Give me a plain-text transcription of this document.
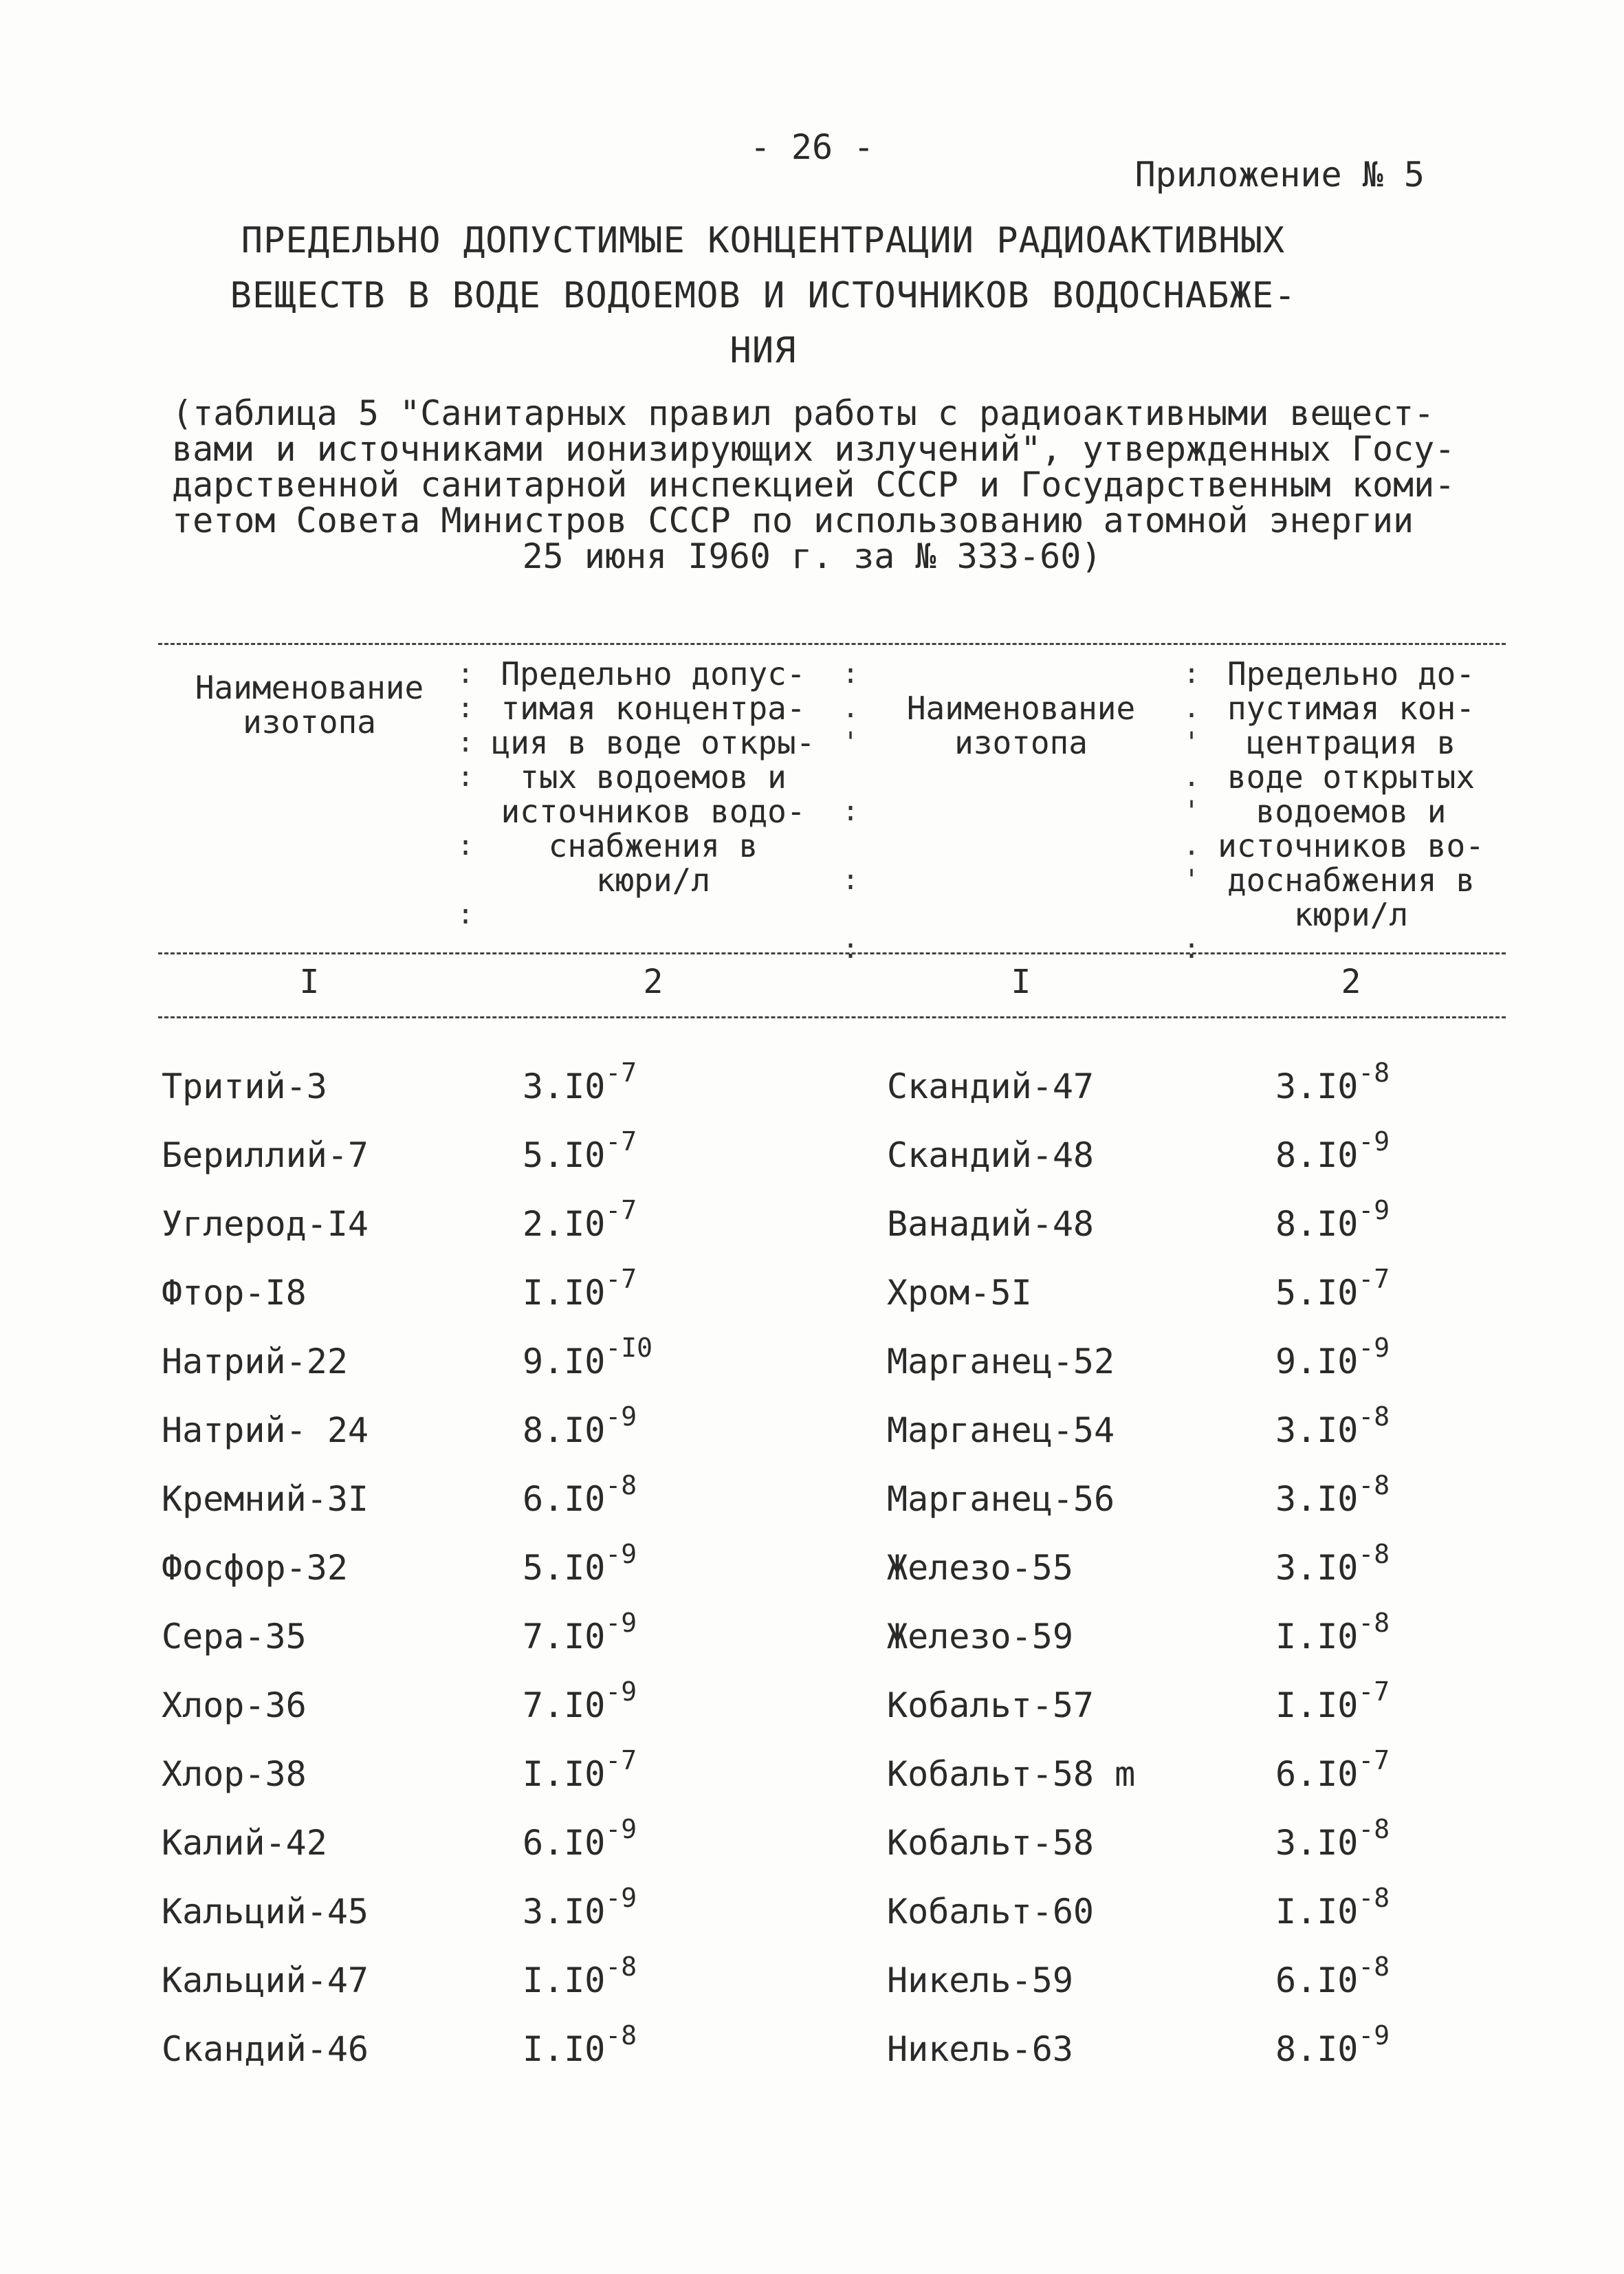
- 26 -
Приложение № 5
ПРЕДЕЛЬНО ДОПУСТИМЫЕ КОНЦЕНТРАЦИИ РАДИОАКТИВНЫХ
ВЕЩЕСТВ В ВОДЕ ВОДОЕМОВ И ИСТОЧНИКОВ ВОДОСНАБЖЕ-
НИЯ
(таблица 5 "Санитарных правил работы с радиоактивными вещест-
вами и источниками ионизирующих излучений", утвержденных Госу-
дарственной санитарной инспекцией СССР и Государственным коми-
тетом Совета Министров СССР по использованию атомной энергии
25 июня I960 г. за № 333-60)
Наименование
изотопа
:
:
:
:

:

:
:
.
'

:

:

:
:
.
'
.
'
.
'

:
Предельно допус-
тимая концентра-
ция в воде откры-
тых водоемов и
источников водо-
снабжения в
кюри/л
Наименование
изотопа
Предельно до-
пустимая кон-
центрация в
воде открытых
водоемов и
источников во-
доснабжения в
кюри/л
I	2	I	2
Тритий-3	$3.I0^{-7}$	Скандий-47	$3.I0^{-8}$
Бериллий-7	$5.I0^{-7}$	Скандий-48	$8.I0^{-9}$
Углерод-I4	$2.I0^{-7}$	Ванадий-48	$8.I0^{-9}$
Фтор-I8	$I.I0^{-7}$	Хром-5I	$5.I0^{-7}$
Натрий-22	$9.I0^{-I0}$	Марганец-52	$9.I0^{-9}$
Натрий- 24	$8.I0^{-9}$	Марганец-54	$3.I0^{-8}$
Кремний-3I	$6.I0^{-8}$	Марганец-56	$3.I0^{-8}$
Фосфор-32	$5.I0^{-9}$	Железо-55	$3.I0^{-8}$
Сера-35	$7.I0^{-9}$	Железо-59	$I.I0^{-8}$
Хлор-36	$7.I0^{-9}$	Кобальт-57	$I.I0^{-7}$
Хлор-38	$I.I0^{-7}$	Кобальт-58 m	$6.I0^{-7}$
Калий-42	$6.I0^{-9}$	Кобальт-58	$3.I0^{-8}$
Кальций-45	$3.I0^{-9}$	Кобальт-60	$I.I0^{-8}$
Кальций-47	$I.I0^{-8}$	Никель-59	$6.I0^{-8}$
Скандий-46	$I.I0^{-8}$	Никель-63	$8.I0^{-9}$
